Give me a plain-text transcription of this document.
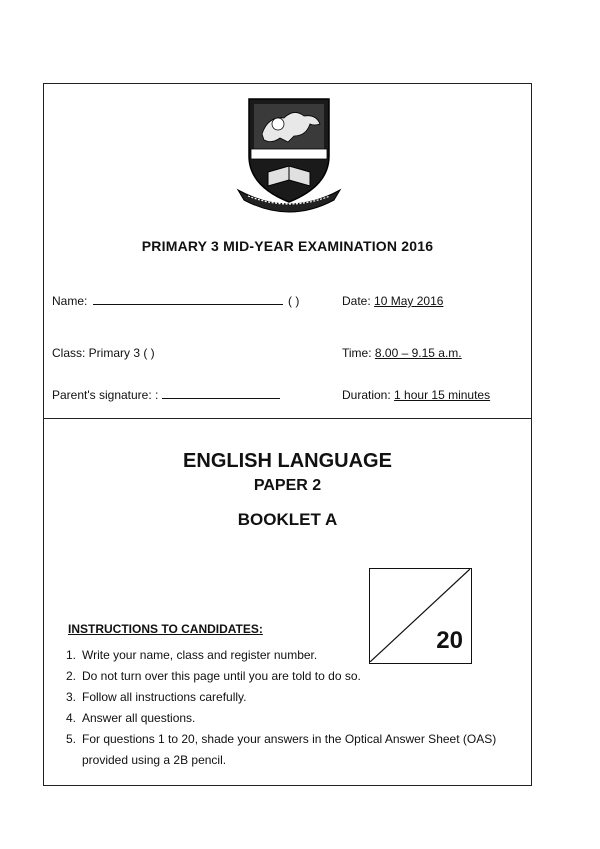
PRIMARY 3 MID-YEAR EXAMINATION 2016
Name:	( )	Date: 10 May 2016
Class: Primary 3 ( )	Time: 8.00 – 9.15 a.m.
Parent's signature: :	Duration: 1 hour 15 minutes
ENGLISH LANGUAGE
PAPER 2
BOOKLET A
20
INSTRUCTIONS TO CANDIDATES:
1. Write your name, class and register number.
2. Do not turn over this page until you are told to do so.
3. Follow all instructions carefully.
4. Answer all questions.
5. For questions 1 to 20, shade your answers in the Optical Answer Sheet (OAS) provided using a 2B pencil.
